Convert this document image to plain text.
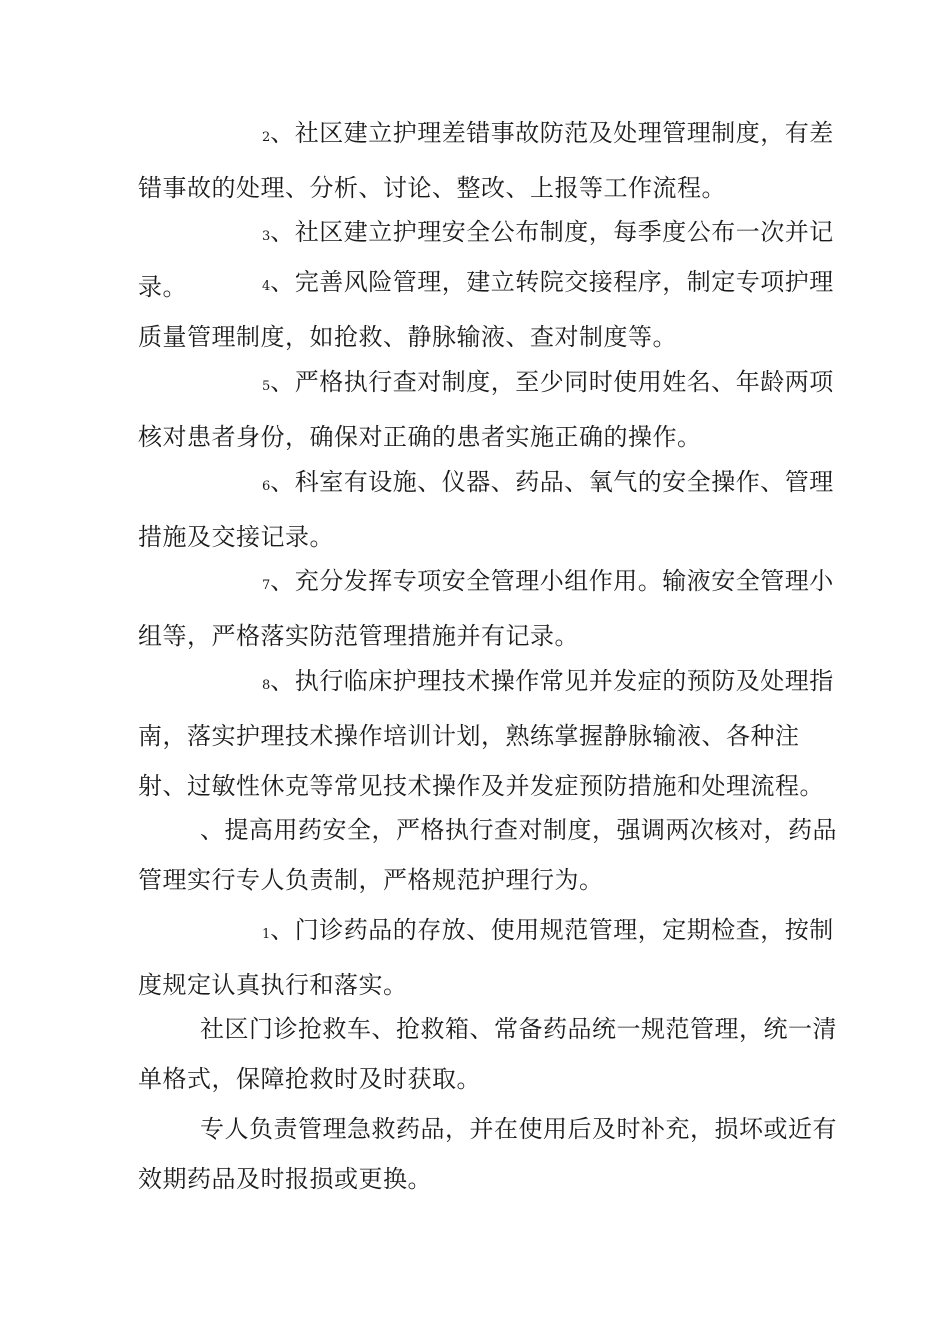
2、社区建立护理差错事故防范及处理管理制度，有差错事故的处理、分析、讨论、整改、上报等工作流程。

3、社区建立护理安全公布制度，每季度公布一次并记录。	4、完善风险管理，建立转院交接程序，制定专项护理质量管理制度，如抢救、静脉输液、查对制度等。

5、严格执行查对制度，至少同时使用姓名、年龄两项核对患者身份，确保对正确的患者实施正确的操作。

6、科室有设施、仪器、药品、氧气的安全操作、管理措施及交接记录。

7、充分发挥专项安全管理小组作用。输液安全管理小组等，严格落实防范管理措施并有记录。

8、执行临床护理技术操作常见并发症的预防及处理指南，落实护理技术操作培训计划，熟练掌握静脉输液、各种注射、过敏性休克等常见技术操作及并发症预防措施和处理流程。

、提高用药安全，严格执行查对制度，强调两次核对，药品管理实行专人负责制，严格规范护理行为。

1、门诊药品的存放、使用规范管理，定期检查，按制度规定认真执行和落实。

社区门诊抢救车、抢救箱、常备药品统一规范管理，统一清单格式，保障抢救时及时获取。

专人负责管理急救药品，并在使用后及时补充，损坏或近有效期药品及时报损或更换。
